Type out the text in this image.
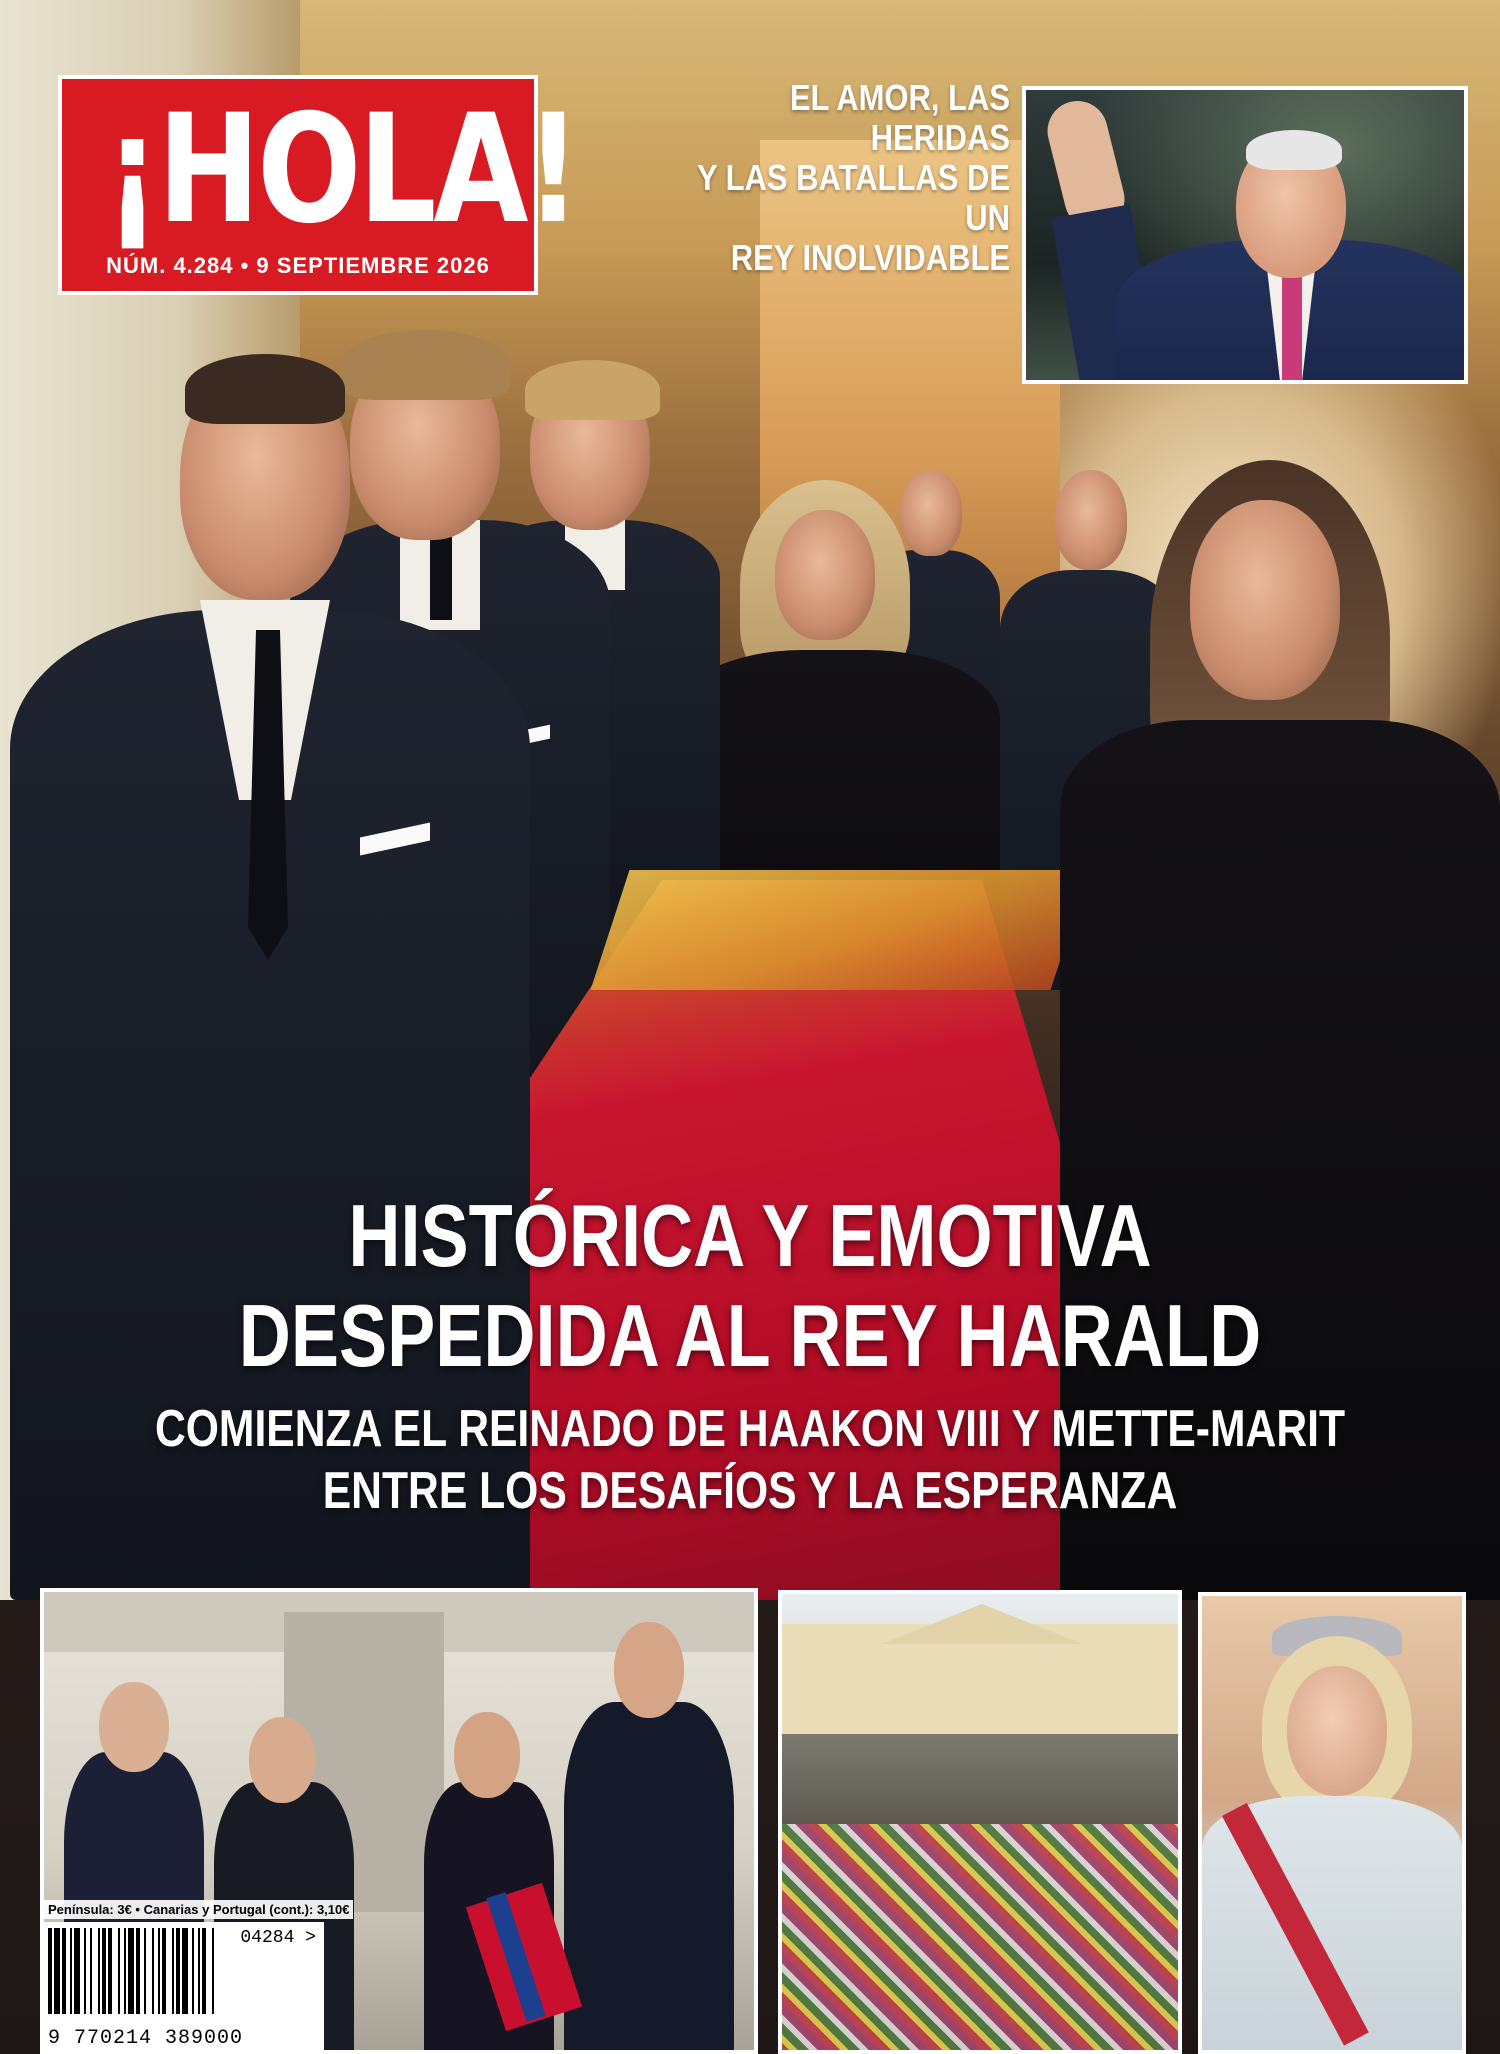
¡HOLA!
NÚM. 4.284 • 9 SEPTIEMBRE 2026
EL AMOR, LAS HERIDAS
Y LAS BATALLAS DE UN
REY INOLVIDABLE
HISTÓRICA Y EMOTIVA
DESPEDIDA AL REY HARALD
COMIENZA EL REINADO DE HAAKON VIII Y METTE-MARIT
ENTRE LOS DESAFÍOS Y LA ESPERANZA
Península: 3€ • Canarias y Portugal (cont.): 3,10€
04284 >
9 770214 389000
